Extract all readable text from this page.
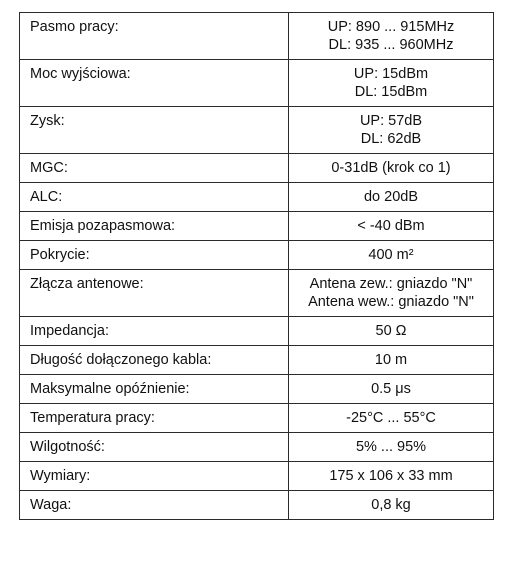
Pasmo pracy:	UP: 890 ... 915MHz
DL: 935 ... 960MHz

Moc wyjściowa:	UP: 15dBm
DL: 15dBm

Zysk:	UP: 57dB
DL: 62dB

MGC:	0-31dB (krok co 1)

ALC:	do 20dB

Emisja pozapasmowa:	< -40 dBm

Pokrycie:	400 m²

Złącza antenowe:	Antena zew.: gniazdo "N"
Antena wew.: gniazdo "N"

Impedancja:	50 Ω

Długość dołączonego kabla:	10 m

Maksymalne opóźnienie:	0.5 μs

Temperatura pracy:	-25°C ... 55°C

Wilgotność:	5% ... 95%

Wymiary:	175 x 106 x 33 mm

Waga:	0,8 kg
